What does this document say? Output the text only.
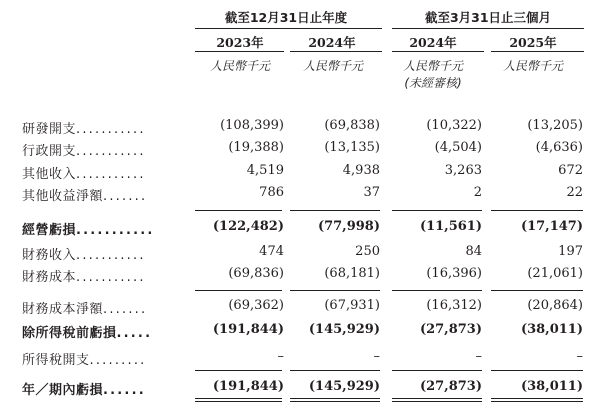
截至12月31日止年度	截至3月31日止三個月
2023年	2024年	2024年	2025年
人民幣千元	人民幣千元	人民幣千元	人民幣千元
(未經審核)
研發開支...........	(108,399)	(69,838)	(10,322)	(13,205)
行政開支...........	(19,388)	(13,135)	(4,504)	(4,636)
其他收入...........	4,519	4,938	3,263	672
其他收益淨額.......	786	37	2	22
經營虧損...........	(122,482)	(77,998)	(11,561)	(17,147)
財務收入...........	474	250	84	197
財務成本...........	(69,836)	(68,181)	(16,396)	(21,061)
財務成本淨額.......	(69,362)	(67,931)	(16,312)	(20,864)
除所得稅前虧損.....	(191,844)	(145,929)	(27,873)	(38,011)
所得稅開支.........	–	–	–	–
年／期內虧損......	(191,844)	(145,929)	(27,873)	(38,011)
